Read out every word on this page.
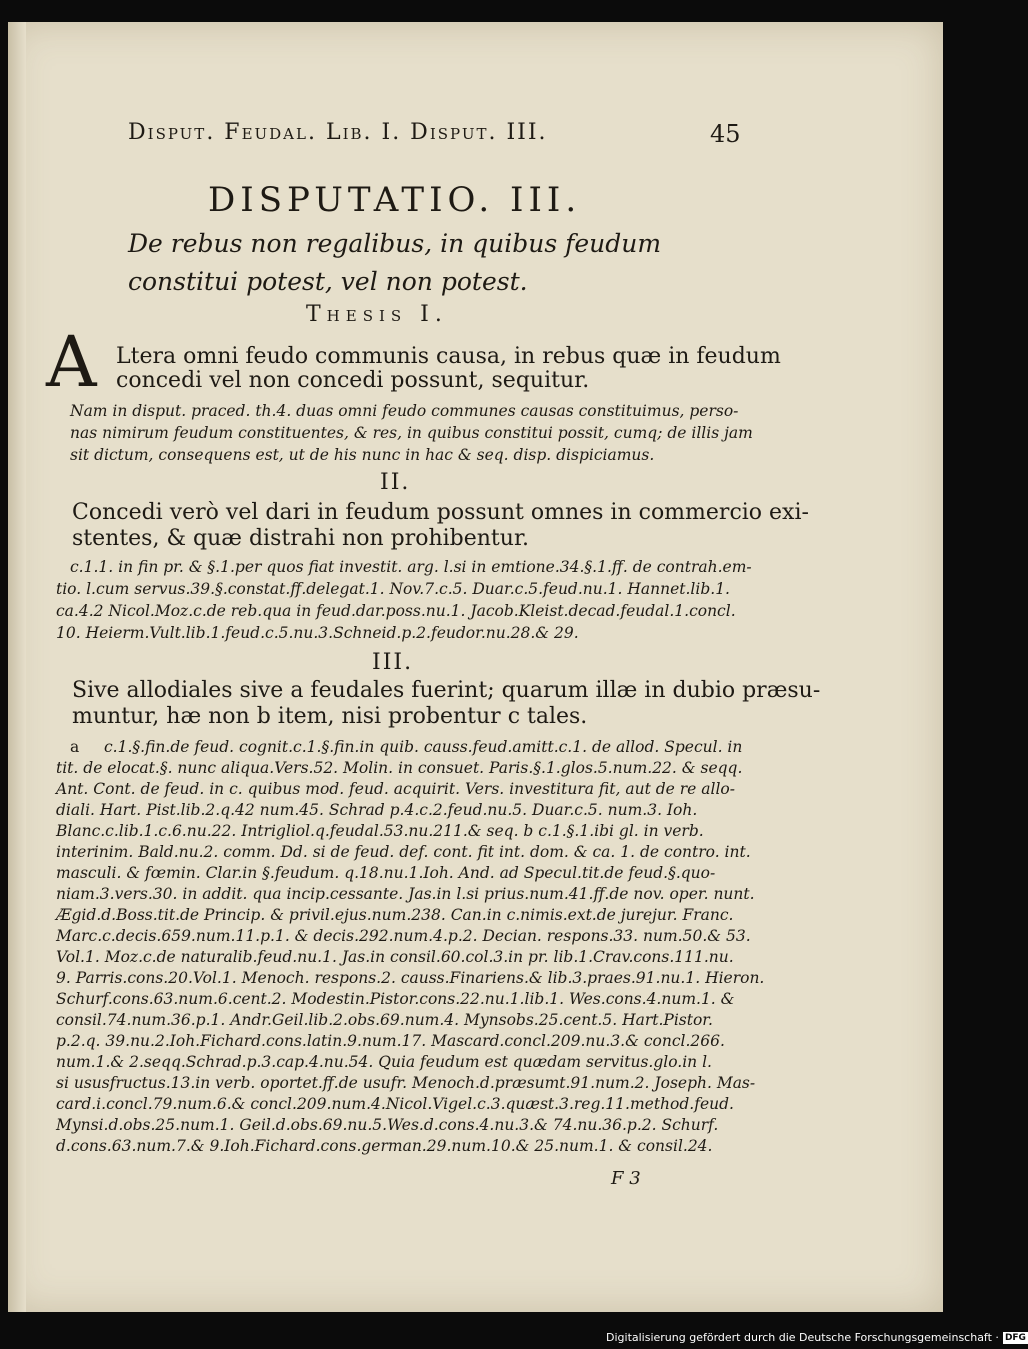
Disput. Feudal. Lib. I. Disput. III.	45
DISPUTATIO. III.
De rebus non regalibus, in quibus feudum constitui potest, vel non potest.
Thesis I.
A Ltera omni feudo communis causa, in rebus quæ in feudum
concedi vel non concedi possunt, sequitur.
Nam in disput. praced. th.4. duas omni feudo communes causas constituimus, perso-
nas nimirum feudum constituentes, & res, in quibus constitui possit, cumq; de illis jam
sit dictum, consequens est, ut de his nunc in hac & seq. disp. dispiciamus.
II.
Concedi verò vel dari in feudum possunt omnes in commercio exi-
stentes, & quæ distrahi non prohibentur.
c.1.1. in fin pr. & §.1.per quos fiat investit. arg. l.si in emtione.34.§.1.ff. de contrah.em-
tio. l.cum servus.39.§.constat.ff.delegat.1. Nov.7.c.5. Duar.c.5.feud.nu.1. Hannet.lib.1.
ca.4.2 Nicol.Moz.c.de reb.qua in feud.dar.poss.nu.1. Jacob.Kleist.decad.feudal.1.concl.
10. Heierm.Vult.lib.1.feud.c.5.nu.3.Schneid.p.2.feudor.nu.28.& 29.
III.
Sive allodiales sive a feudales fuerint; quarum illæ in dubio præsu-
muntur, hæ non b item, nisi probentur c tales.
a c.1.§.fin.de feud. cognit.c.1.§.fin.in quib. causs.feud.amitt.c.1. de allod. Specul. in
tit. de elocat.§. nunc aliqua.Vers.52. Molin. in consuet. Paris.§.1.glos.5.num.22. & seqq.
Ant. Cont. de feud. in c. quibus mod. feud. acquirit. Vers. investitura fit, aut de re allo-
diali. Hart. Pist.lib.2.q.42 num.45. Schrad p.4.c.2.feud.nu.5. Duar.c.5. num.3. Ioh.
Blanc.c.lib.1.c.6.nu.22. Intrigliol.q.feudal.53.nu.211.& seq. b c.1.§.1.ibi gl. in verb.
interinim. Bald.nu.2. comm. Dd. si de feud. def. cont. fit int. dom. & ca. 1. de contro. int.
masculi. & fœmin. Clar.in §.feudum. q.18.nu.1.Ioh. And. ad Specul.tit.de feud.§.quo-
niam.3.vers.30. in addit. qua incip.cessante. Jas.in l.si prius.num.41.ff.de nov. oper. nunt.
Ægid.d.Boss.tit.de Princip. & privil.ejus.num.238. Can.in c.nimis.ext.de jurejur. Franc.
Marc.c.decis.659.num.11.p.1. & decis.292.num.4.p.2. Decian. respons.33. num.50.& 53.
Vol.1. Moz.c.de naturalib.feud.nu.1. Jas.in consil.60.col.3.in pr. lib.1.Crav.cons.111.nu.
9. Parris.cons.20.Vol.1. Menoch. respons.2. causs.Finariens.& lib.3.praes.91.nu.1. Hieron.
Schurf.cons.63.num.6.cent.2. Modestin.Pistor.cons.22.nu.1.lib.1. Wes.cons.4.num.1. &
consil.74.num.36.p.1. Andr.Geil.lib.2.obs.69.num.4. Mynsobs.25.cent.5. Hart.Pistor.
p.2.q. 39.nu.2.Ioh.Fichard.cons.latin.9.num.17. Mascard.concl.209.nu.3.& concl.266.
num.1.& 2.seqq.Schrad.p.3.cap.4.nu.54. Quia feudum est quædam servitus.glo.in l.
si ususfructus.13.in verb. oportet.ff.de usufr. Menoch.d.præsumt.91.num.2. Joseph. Mas-
card.i.concl.79.num.6.& concl.209.num.4.Nicol.Vigel.c.3.quæst.3.reg.11.method.feud.
Mynsi.d.obs.25.num.1. Geil.d.obs.69.nu.5.Wes.d.cons.4.nu.3.& 74.nu.36.p.2. Schurf.
d.cons.63.num.7.& 9.Ioh.Fichard.cons.german.29.num.10.& 25.num.1. & consil.24.
F 3
Digitalisierung gefördert durch die Deutsche Forschungsgemeinschaft · DFG
